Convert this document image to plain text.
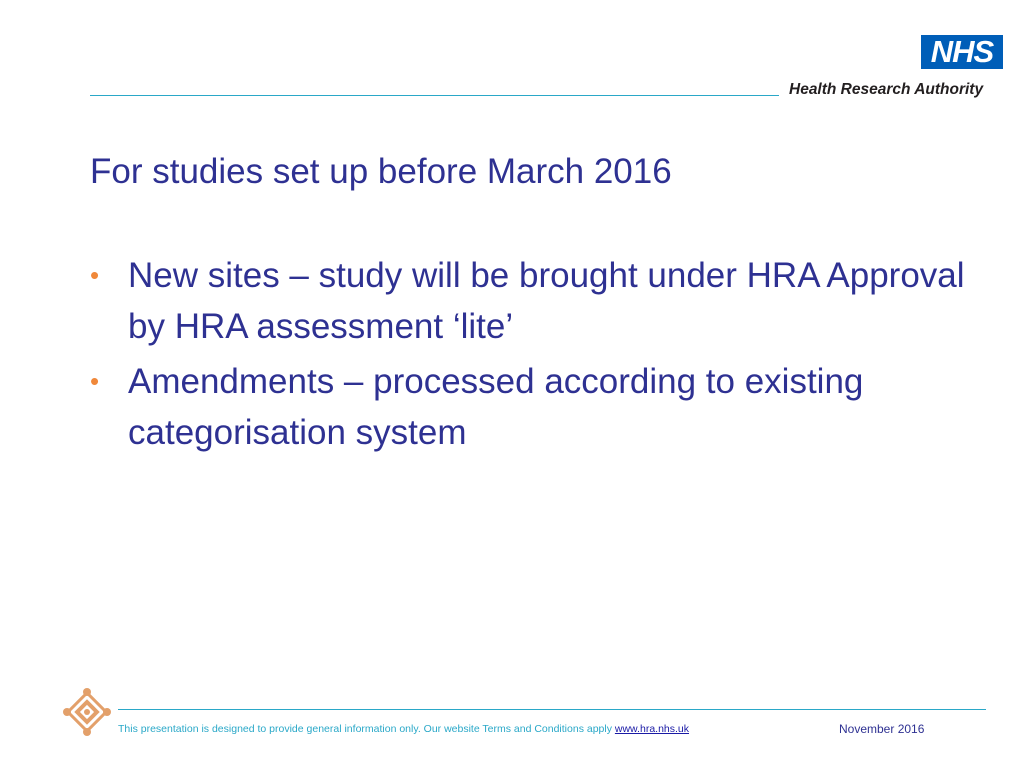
NHS
Health Research Authority
For studies set up before March 2016
• New sites – study will be brought under HRA Approval by HRA assessment ‘lite’
• Amendments – processed according to existing categorisation system
This presentation is designed to provide general information only. Our website Terms and Conditions apply www.hra.nhs.uk	November 2016
